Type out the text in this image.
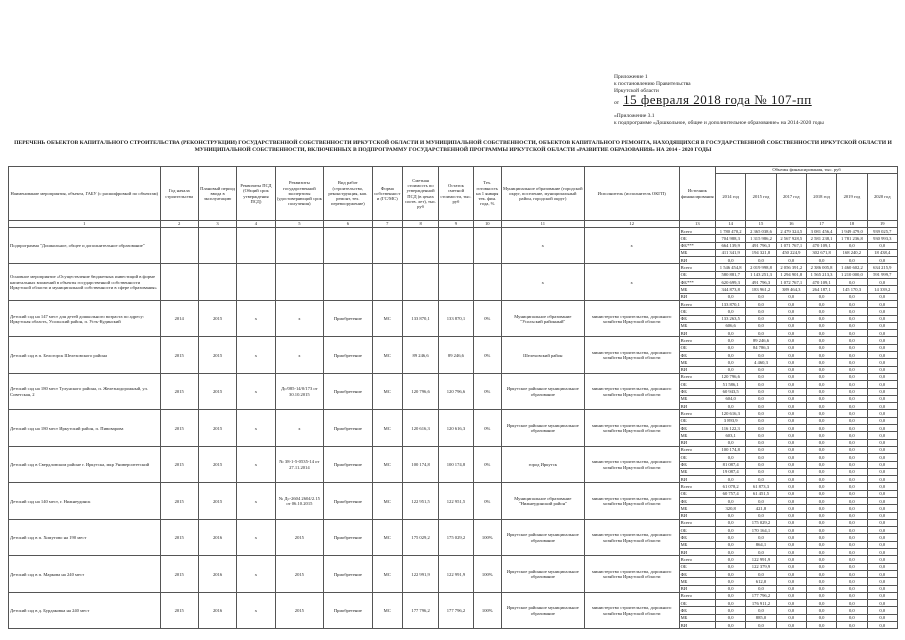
Приложение 1
к постановлению Правительства
Иркутской области
от 15 февраля 2018 года № 107-пп
«Приложение 3.1
к подпрограмме «Дошкольное, общее и дополнительное образование» на 2014-2020 годы
ПЕРЕЧЕНЬ ОБЪЕКТОВ КАПИТАЛЬНОГО СТРОИТЕЛЬСТВА (РЕКОНСТРУКЦИИ) ГОСУДАРСТВЕННОЙ СОБСТВЕННОСТИ ИРКУТСКОЙ ОБЛАСТИ И МУНИЦИПАЛЬНОЙ СОБСТВЕННОСТИ, ОБЪЕКТОВ КАПИТАЛЬНОГО РЕМОНТА, НАХОДЯЩИХСЯ В ГОСУДАРСТВЕННОЙ СОБСТВЕННОСТИ ИРКУТСКОЙ ОБЛАСТИ И МУНИЦИПАЛЬНОЙ СОБСТВЕННОСТИ, ВКЛЮЧЕННЫХ В ПОДПРОГРАММУ ГОСУДАРСТВЕННОЙ ПРОГРАММЫ ИРКУТСКОЙ ОБЛАСТИ «РАЗВИТИЕ ОБРАЗОВАНИЯ» НА 2014 - 2020 ГОДЫ
Наименование мероприятия, объекта, ГАБУ (с расшифровкой по объектам)	Год начала строительства	Плановый период ввода в эксплуатацию	Реквизиты ПСД (Общий срок утверждения ПСД)	Реквизиты государственной экспертизы (удостоверяющий срок получения)	Вид работ (строительство, реконструкция, кап. ремонт, тех. перевооружение)	Форма собственности (ГС/МС)	Сметная стоимость по утвержденной ПСД (в ценах соотв. лет), тыс. руб	Остаток сметной стоимости, тыс. руб	Тех. готовность на 1 января тек. фин. года, %	Муниципальное образование (городской округ, поселение, муниципальный район, городской округ)	Исполнитель (исполнитель ОКГП)	Источник финансирования	Объемы финансирования, тыс. руб					
													2014 год	2015 год	2017 год	2018 год	2019 год	2020 год
1	2	3	4	5	6	7	8	9	10	11	12	13	14	15	16	17	18	19
Подпрограмма "Дошкольное, общее и дополнительное образование"										х	х	Всего	1 780 470,2	2 365 038,6	2 479 324,5	3 081 456,4	1 949 479,0	939 025,7
												ОБ	704 988,3	1 315 986,2	2 567 928,5	2 581 238,1	1 781 236,8	930 993,3
												ФБ***	664 139,9	491 796,3	1 071 767,1	470 109,1	0,0	0,0
												МБ	411 341,9	194 321,8	450 224,9	302 671,8	168 240,2	18 438,4
												ВИ	0,0	0,0	0,0	0,0	0,0	0,0
Основное мероприятие «Осуществление бюджетных инвестиций в форме капитальных вложений в объекты государственной собственности Иркутской области и муниципальной собственности в сфере образования»										х	х	Всего	1 546 454,8	2 019 998,8	2 056 391,2	2 386 005,8	1 460 602,2	634 215,9
												ОБ	580 881,7	1 143 251,3	1 294 901,8	1 565 213,3	1 210 000,0	591 999,7
												ФБ***	620 699,3	491 796,3	1 072 767,1	470 109,1	0,0	0,0
												МБ	344 873,8	183 961,2	389 464,3	264 187,1	145 170,3	14 339,2
												ВИ	0,0	0,0	0,0	0,0	0,0	0,0
Детский сад на 147 мест для детей дошкольного возраста по адресу: Иркутская область, Усольский район, п. Усть-Кудинский	2014	2015	х	х	Приобретение	МС	133 870,1	133 870,1	0%	Муниципальное образование "Усольский районный"	министерство строительства, дорожного хозяйства Иркутской области	Всего	133 870,1	0,0	0,0	0,0	0,0	0,0
												ОБ	0,0	0,0	0,0	0,0	0,0	0,0
												ФБ	133 263,5	0,0	0,0	0,0	0,0	0,0
												МБ	606,6	0,0	0,0	0,0	0,0	0,0
												ВИ	0,0	0,0	0,0	0,0	0,0	0,0
Детский сад в п. Белогорск Шелеховского района	2015	2015	х	х	Приобретение	МС	89 246,6	89 246,6	0%	Шелеховский район	министерство строительства, дорожного хозяйства Иркутской области	Всего	0,0	89 246,6	0,0	0,0	0,0	0,0
												ОБ	0,0	84 786,3	0,0	0,0	0,0	0,0
												ФБ	0,0	0,0	0,0	0,0	0,0	0,0
												МБ	0,0	4 460,3	0,0	0,0	0,0	0,0
												ВИ	0,0	0,0	0,0	0,0	0,0	0,0
Детский сад на 180 мест Тулунского района, п. Железнодорожный, ул. Советская, 2	2015	2015	х	Дс/085-14/0/173 от 30.10.2015	Приобретение	МС	120 796,6	120 796,6	0%	Иркутское районное муниципальное образование	министерство строительства, дорожного хозяйства Иркутской области	Всего	120 796,6	0,0	0,0	0,0	0,0	0,0
												ОБ	51 586,1	0,0	0,0	0,0	0,0	0,0
												ФБ	60 943,5	0,0	0,0	0,0	0,0	0,0
												МБ	604,0	0,0	0,0	0,0	0,0	0,0
												ВИ	0,0	0,0	0,0	0,0	0,0	0,0
Детский сад на 180 мест Иркутский район, п. Пивоварова	2015	2015	х	х	Приобретение	МС	120 616,3	120 616,3	0%	Иркутское районное муниципальное образование	министерство строительства, дорожного хозяйства Иркутской области	Всего	120 616,3	0,0	0,0	0,0	0,0	0,0
												ОБ	3 893,9	0,0	0,0	0,0	0,0	0,0
												ФБ	116 122,3	0,0	0,0	0,0	0,0	0,0
												МБ	603,1	0,0	0,0	0,0	0,0	0,0
												ВИ	0,0	0,0	0,0	0,0	0,0	0,0
Детский сад в Свердловском районе г. Иркутска, мкр Университетский	2015	2015	х	№ 38-1-5-0535-14 от 27.11.2014	Приобретение	МС	100 174,8	100 174,8	0%	город Иркутск	министерство строительства, дорожного хозяйства Иркутской области	Всего	100 174,8	0,0	0,0	0,0	0,0	0,0
												ОБ	0,0	0,0	0,0	0,0	0,0	0,0
												ФБ	81 087,4	0,0	0,0	0,0	0,0	0,0
												МБ	19 087,4	0,0	0,0	0,0	0,0	0,0
												ВИ	0,0	0,0	0,0	0,0	0,0	0,0
Детский сад на 140 мест, г. Нижнеудинск	2015	2015	х	№ Дс-2604 2604/2.15 от 06.10.2015	Приобретение	МС	122 951,5	122 951,5	0%	Муниципальное образование "Нижнеудинский район"	министерство строительства, дорожного хозяйства Иркутской области	Всего	61 078,2	61 873,3	0,0	0,0	0,0	0,0
												ОБ	60 757,4	61 451,5	0,0	0,0	0,0	0,0
												ФБ	0,0	0,0	0,0	0,0	0,0	0,0
												МБ	320,8	421,8	0,0	0,0	0,0	0,0
												ВИ	0,0	0,0	0,0	0,0	0,0	0,0
Детский сад в п. Хомутово на 190 мест	2015	2016	х	2015	Приобретение	МС	175 029,2	175 029,2	100%	Иркутское районное муниципальное образование	министерство строительства, дорожного хозяйства Иркутской области	Всего	0,0	175 029,2	0,0	0,0	0,0	0,0
												ОБ	0,0	170 164,1	0,0	0,0	0,0	0,0
												ФБ	0,0	0,0	0,0	0,0	0,0	0,0
												МБ	0,0	864,1	0,0	0,0	0,0	0,0
												ВИ	0,0	0,0	0,0	0,0	0,0	0,0
Детский сад в п. Маркова на 240 мест	2015	2016	х	2015	Приобретение	МС	122 991,9	122 991,9	100%	Иркутское районное муниципальное образование	министерство строительства, дорожного хозяйства Иркутской области	Всего	0,0	122 991,9	0,0	0,0	0,0	0,0
												ОБ	0,0	122 379,9	0,0	0,0	0,0	0,0
												ФБ	0,0	0,0	0,0	0,0	0,0	0,0
												МБ	0,0	612,0	0,0	0,0	0,0	0,0
												ВИ	0,0	0,0	0,0	0,0	0,0	0,0
Детский сад в д. Бурдаковка на 240 мест	2015	2016	х	2015	Приобретение	МС	177 796,2	177 796,2	100%	Иркутское районное муниципальное образование	министерство строительства, дорожного хозяйства Иркутской области	Всего	0,0	177 796,2	0,0	0,0	0,0	0,0
												ОБ	0,0	176 911,2	0,0	0,0	0,0	0,0
												ФБ	0,0	0,0	0,0	0,0	0,0	0,0
												МБ	0,0	885,0	0,0	0,0	0,0	0,0
												ВИ	0,0	0,0	0,0	0,0	0,0	0,0
